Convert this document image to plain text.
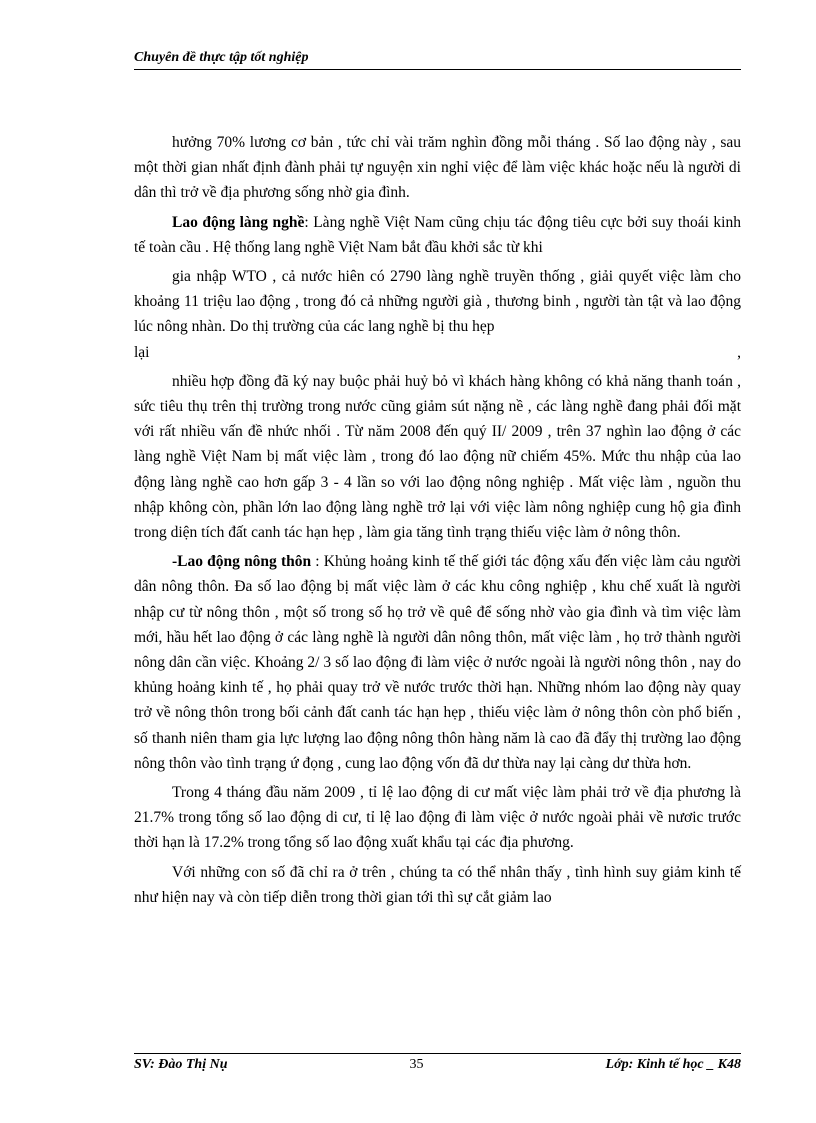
Chuyên đề thực tập tốt nghiệp

hưởng 70% lương cơ bản , tức chỉ vài trăm nghìn đồng mỗi tháng . Số lao động này , sau một thời gian nhất định đành phải tự nguyện xin nghỉ việc để làm việc khác hoặc nếu là người di dân thì trở về địa phương sống nhờ gia đình.

Lao động làng nghề: Làng nghề Việt Nam cũng chịu tác động tiêu cực bởi suy thoái kinh tế toàn cầu . Hệ thống lang nghề Việt Nam bắt đầu khởi sắc từ khi

gia nhập WTO , cả nước hiên có 2790 làng nghề truyền thống , giải quyết việc làm cho khoảng 11 triệu lao động , trong đó cả những người già , thương binh , người tàn tật và lao động lúc nông nhàn. Do thị trường của các lang nghề bị thu hẹp

lại	,

nhiều hợp đồng đã ký nay buộc phải huỷ bỏ vì khách hàng không có khả năng thanh toán , sức tiêu thụ trên thị trường trong nước cũng giảm sút nặng nề , các làng nghề đang phải đối mặt với rất nhiều vấn đề nhức nhối . Từ năm 2008 đến quý II/ 2009 , trên 37 nghìn lao động ở các làng nghề Việt Nam bị mất việc làm , trong đó lao động nữ chiếm 45%. Mức thu nhập của lao động làng nghề cao hơn gấp 3 - 4 lần so với lao động nông nghiệp . Mất việc làm , nguồn thu nhập không còn, phần lớn lao động làng nghề trở lại với việc làm nông nghiệp cung hộ gia đình trong diện tích đất canh tác hạn hẹp , làm gia tăng tình trạng thiếu việc làm ở nông thôn.

-Lao động nông thôn : Khủng hoảng kinh tế thế giới tác động xấu đến việc làm cảu người dân nông thôn. Đa số lao động bị mất việc làm ở các khu công nghiệp , khu chế xuất là người nhập cư từ nông thôn , một số trong số họ trở về quê để sống nhờ vào gia đình và tìm việc làm mới, hầu hết lao động ở các làng nghề là người dân nông thôn, mất việc làm , họ trở thành người nông dân cần việc. Khoảng 2/ 3 số lao động đi làm việc ở nước ngoài là người nông thôn , nay do khủng hoảng kinh tế , họ phải quay trở về nước trước thời hạn. Những nhóm lao động này quay trở về nông thôn trong bối cảnh đất canh tác hạn hẹp , thiếu việc làm ở nông thôn còn phổ biến , số thanh niên tham gia lực lượng lao động nông thôn hàng năm là cao đã đẩy thị trường lao động nông thôn vào tình trạng ứ đọng , cung lao động vốn đã dư thừa nay lại càng dư thừa hơn.

Trong 4 tháng đầu năm 2009 , tỉ lệ lao động di cư mất việc làm phải trở về địa phương là 21.7% trong tổng số lao động di cư, tỉ lệ lao động đi làm việc ở nước ngoài phải về nươic trước thời hạn là 17.2% trong tổng số lao động xuất khẩu tại các địa phương.

Với những con số đã chỉ ra ở trên , chúng ta có thể nhân thấy , tình hình suy giảm kinh tế như hiện nay và còn tiếp diễn trong thời gian tới thì sự cắt giảm lao

SV: Đào Thị Nụ	35	Lớp: Kinh tế học _ K48
